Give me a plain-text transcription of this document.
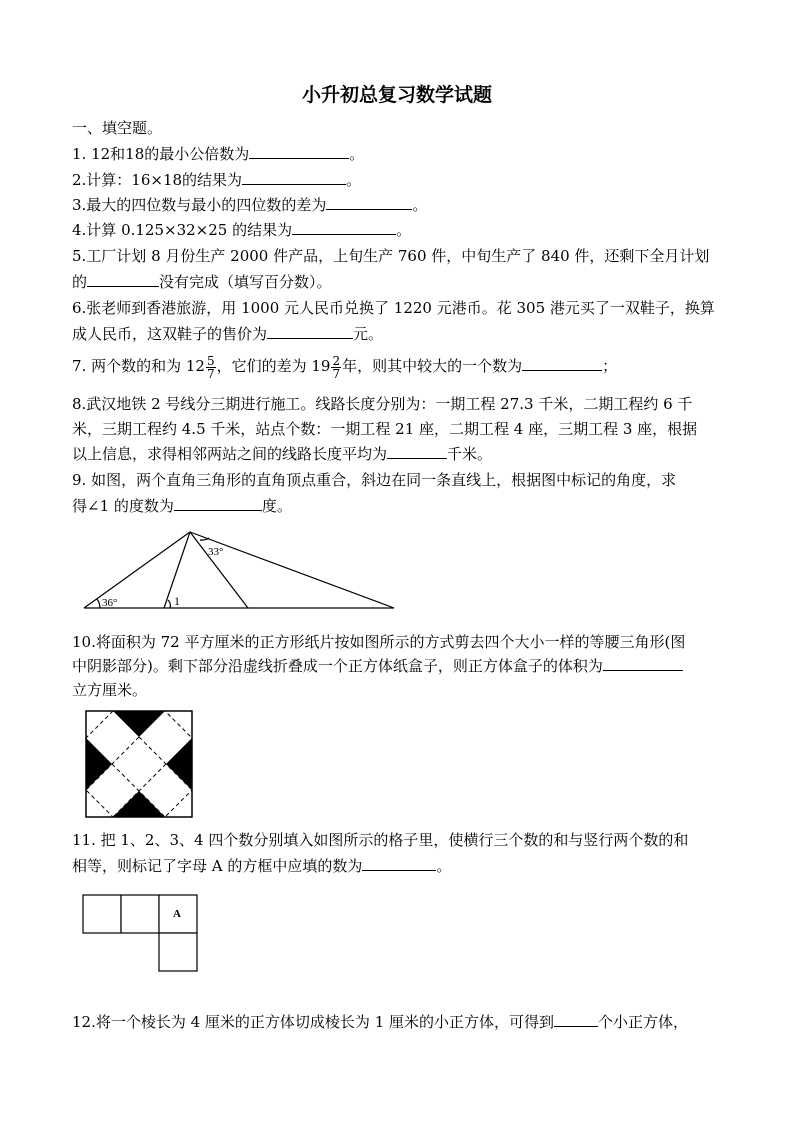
小升初总复习数学试题
一、填空题。
1. 12和18的最小公倍数为	。
2.计算：16×18的结果为	。
3.最大的四位数与最小的四位数的差为	。
4.计算 0.125×32×25 的结果为	。
5.工厂计划 8 月份生产 2000 件产品，上旬生产 760 件，中旬生产了 840 件，还剩下全月计划
的	没有完成（填写百分数）。
6.张老师到香港旅游，用 1000 元人民币兑换了 1220 元港币。花 305 港元买了一双鞋子，换算
成人民币，这双鞋子的售价为	元。
7. 两个数的和为 $12 \frac{5}{7}$ ，它们的差为 $19 \frac{2}{7}$ 年，则其中较大的一个数为	；
8.武汉地铁 2 号线分三期进行施工。线路长度分别为：一期工程 27.3 千米，二期工程约 6 千
米，三期工程约 4.5 千米，站点个数：一期工程 21 座，二期工程 4 座，三期工程 3 座，根据
以上信息，求得相邻两站之间的线路长度平均为	千米。
9. 如图，两个直角三角形的直角顶点重合，斜边在同一条直线上，根据图中标记的角度，求
得∠1 的度数为	度。
33°
36°	1
10.将面积为 72 平方厘米的正方形纸片按如图所示的方式剪去四个大小一样的等腰三角形(图
中阴影部分)。剩下部分沿虚线折叠成一个正方体纸盒子，则正方体盒子的体积为
立方厘米。
11. 把 1、2、3、4 四个数分别填入如图所示的格子里，使横行三个数的和与竖行两个数的和
相等，则标记了字母 A 的方框中应填的数为	。
A
12.将一个棱长为 4 厘米的正方体切成棱长为 1 厘米的小正方体，可得到	个小正方体，
